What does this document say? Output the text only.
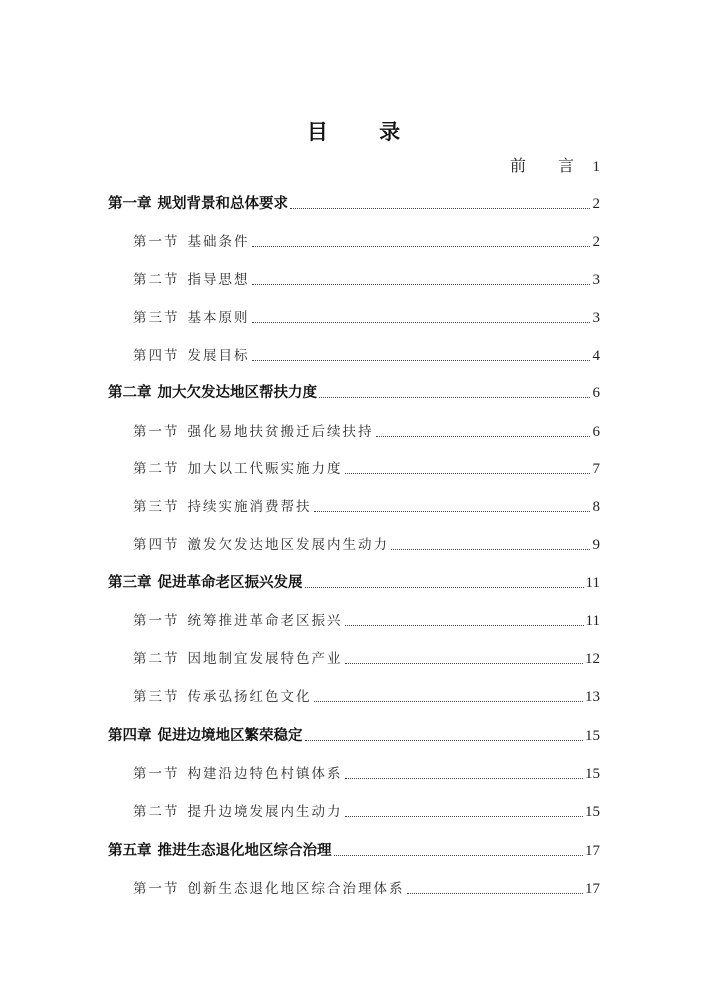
目 录
前 言 1
第一章 规划背景和总体要求	2
第一节 基础条件	2
第二节 指导思想	3
第三节 基本原则	3
第四节 发展目标	4
第二章 加大欠发达地区帮扶力度	6
第一节 强化易地扶贫搬迁后续扶持	6
第二节 加大以工代赈实施力度	7
第三节 持续实施消费帮扶	8
第四节 激发欠发达地区发展内生动力	9
第三章 促进革命老区振兴发展	11
第一节 统筹推进革命老区振兴	11
第二节 因地制宜发展特色产业	12
第三节 传承弘扬红色文化	13
第四章 促进边境地区繁荣稳定	15
第一节 构建沿边特色村镇体系	15
第二节 提升边境发展内生动力	15
第五章 推进生态退化地区综合治理	17
第一节 创新生态退化地区综合治理体系	17
